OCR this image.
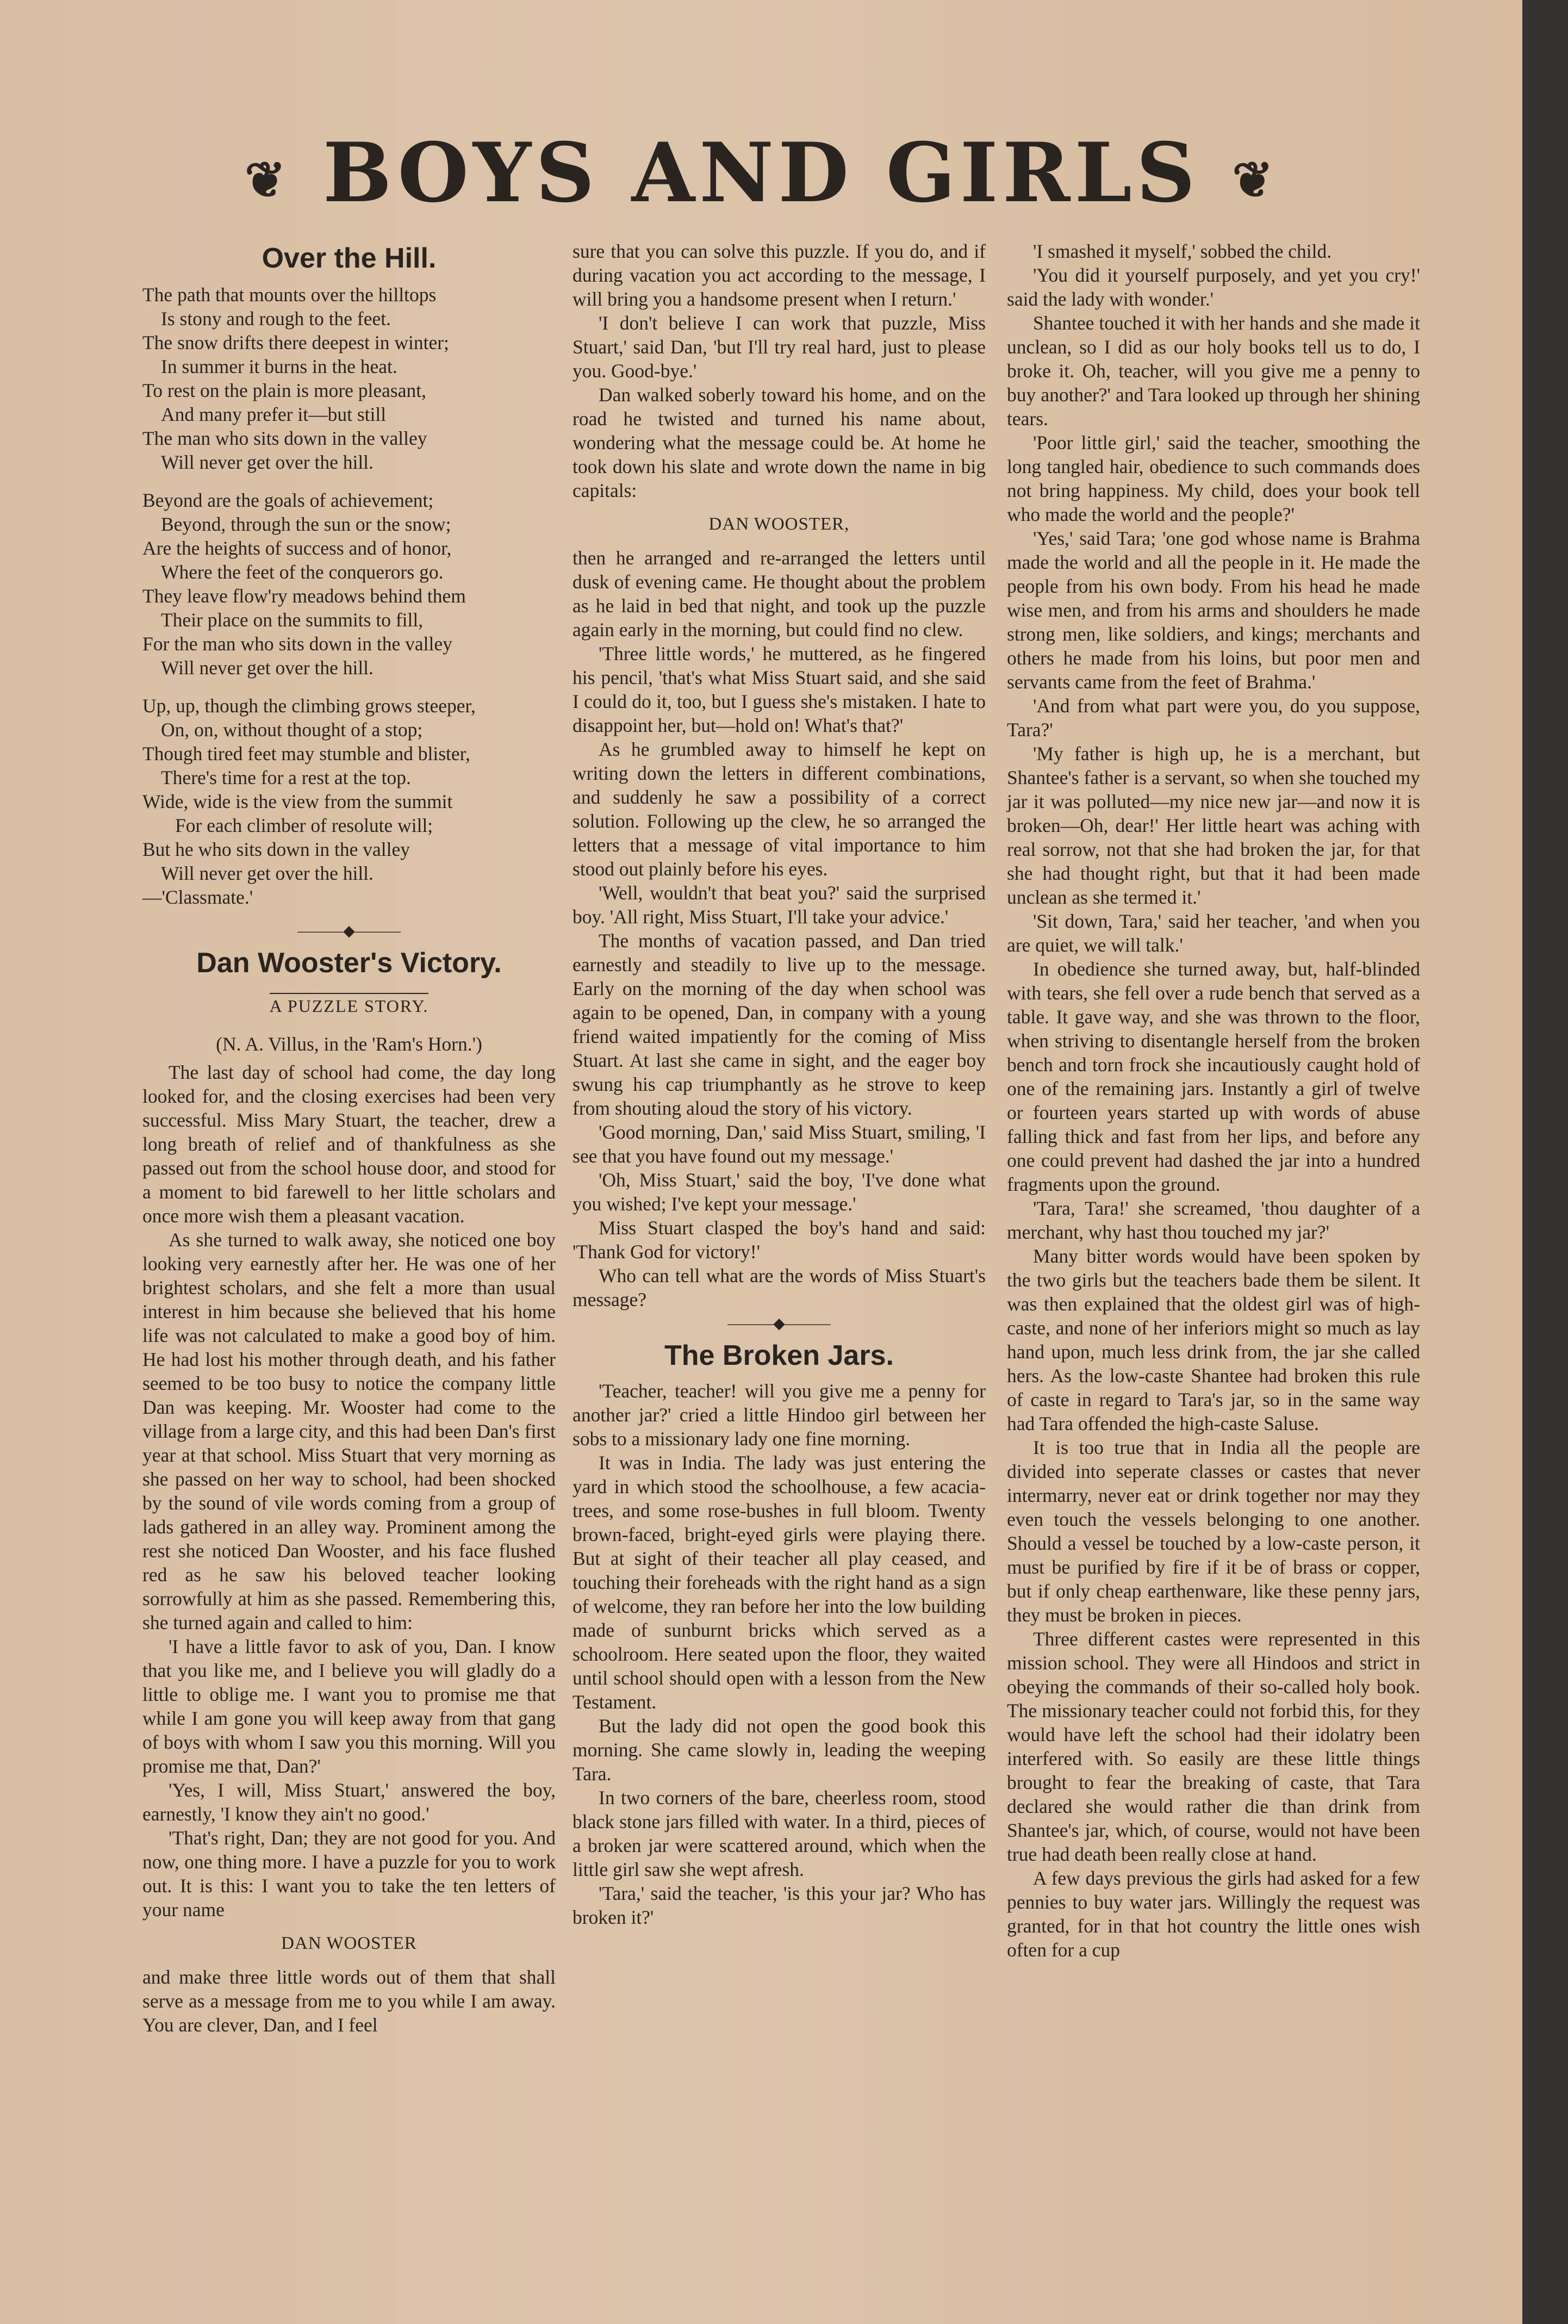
❦ BOYS AND GIRLS ❦
Over the Hill.
The path that mounts over the hilltops
Is stony and rough to the feet.
The snow drifts there deepest in winter;
In summer it burns in the heat.
To rest on the plain is more pleasant,
And many prefer it—but still
The man who sits down in the valley
Will never get over the hill.
Beyond are the goals of achievement;
Beyond, through the sun or the snow;
Are the heights of success and of honor,
Where the feet of the conquerors go.
They leave flow'ry meadows behind them
Their place on the summits to fill,
For the man who sits down in the valley
Will never get over the hill.
Up, up, though the climbing grows steeper,
On, on, without thought of a stop;
Though tired feet may stumble and blister,
There's time for a rest at the top.
Wide, wide is the view from the summit
For each climber of resolute will;
But he who sits down in the valley
Will never get over the hill.
—'Classmate.'
———◆———
Dan Wooster's Victory.
A PUZZLE STORY.

(N. A. Villus, in the 'Ram's Horn.')

The last day of school had come, the day long looked for, and the closing exercises had been very successful. Miss Mary Stuart, the teacher, drew a long breath of relief and of thankfulness as she passed out from the school house door, and stood for a moment to bid farewell to her little scholars and once more wish them a pleasant vacation.

As she turned to walk away, she noticed one boy looking very earnestly after her. He was one of her brightest scholars, and she felt a more than usual interest in him because she believed that his home life was not calculated to make a good boy of him. He had lost his mother through death, and his father seemed to be too busy to notice the company little Dan was keeping. Mr. Wooster had come to the village from a large city, and this had been Dan's first year at that school. Miss Stuart that very morning as she passed on her way to school, had been shocked by the sound of vile words coming from a group of lads gathered in an alley way. Prominent among the rest she noticed Dan Wooster, and his face flushed red as he saw his beloved teacher looking sorrowfully at him as she passed. Remembering this, she turned again and called to him:

'I have a little favor to ask of you, Dan. I know that you like me, and I believe you will gladly do a little to oblige me. I want you to promise me that while I am gone you will keep away from that gang of boys with whom I saw you this morning. Will you promise me that, Dan?'

'Yes, I will, Miss Stuart,' answered the boy, earnestly, 'I know they ain't no good.'

'That's right, Dan; they are not good for you. And now, one thing more. I have a puzzle for you to work out. It is this: I want you to take the ten letters of your name

DAN WOOSTER

and make three little words out of them that shall serve as a message from me to you while I am away. You are clever, Dan, and I feel

sure that you can solve this puzzle. If you do, and if during vacation you act according to the message, I will bring you a handsome present when I return.'

'I don't believe I can work that puzzle, Miss Stuart,' said Dan, 'but I'll try real hard, just to please you. Good-bye.'

Dan walked soberly toward his home, and on the road he twisted and turned his name about, wondering what the message could be. At home he took down his slate and wrote down the name in big capitals:

DAN WOOSTER,

then he arranged and re-arranged the letters until dusk of evening came. He thought about the problem as he laid in bed that night, and took up the puzzle again early in the morning, but could find no clew.

'Three little words,' he muttered, as he fingered his pencil, 'that's what Miss Stuart said, and she said I could do it, too, but I guess she's mistaken. I hate to disappoint her, but—hold on! What's that?'

As he grumbled away to himself he kept on writing down the letters in different combinations, and suddenly he saw a possibility of a correct solution. Following up the clew, he so arranged the letters that a message of vital importance to him stood out plainly before his eyes.

'Well, wouldn't that beat you?' said the surprised boy. 'All right, Miss Stuart, I'll take your advice.'

The months of vacation passed, and Dan tried earnestly and steadily to live up to the message. Early on the morning of the day when school was again to be opened, Dan, in company with a young friend waited impatiently for the coming of Miss Stuart. At last she came in sight, and the eager boy swung his cap triumphantly as he strove to keep from shouting aloud the story of his victory.

'Good morning, Dan,' said Miss Stuart, smiling, 'I see that you have found out my message.'

'Oh, Miss Stuart,' said the boy, 'I've done what you wished; I've kept your message.'

Miss Stuart clasped the boy's hand and said: 'Thank God for victory!'

Who can tell what are the words of Miss Stuart's message?

———◆———
The Broken Jars.

'Teacher, teacher! will you give me a penny for another jar?' cried a little Hindoo girl between her sobs to a missionary lady one fine morning.

It was in India. The lady was just entering the yard in which stood the schoolhouse, a few acacia-trees, and some rose-bushes in full bloom. Twenty brown-faced, bright-eyed girls were playing there. But at sight of their teacher all play ceased, and touching their foreheads with the right hand as a sign of welcome, they ran before her into the low building made of sunburnt bricks which served as a schoolroom. Here seated upon the floor, they waited until school should open with a lesson from the New Testament.

But the lady did not open the good book this morning. She came slowly in, leading the weeping Tara.

In two corners of the bare, cheerless room, stood black stone jars filled with water. In a third, pieces of a broken jar were scattered around, which when the little girl saw she wept afresh.

'Tara,' said the teacher, 'is this your jar? Who has broken it?'

'I smashed it myself,' sobbed the child.

'You did it yourself purposely, and yet you cry!' said the lady with wonder.'

Shantee touched it with her hands and she made it unclean, so I did as our holy books tell us to do, I broke it. Oh, teacher, will you give me a penny to buy another?' and Tara looked up through her shining tears.

'Poor little girl,' said the teacher, smoothing the long tangled hair, obedience to such commands does not bring happiness. My child, does your book tell who made the world and the people?'

'Yes,' said Tara; 'one god whose name is Brahma made the world and all the people in it. He made the people from his own body. From his head he made wise men, and from his arms and shoulders he made strong men, like soldiers, and kings; merchants and others he made from his loins, but poor men and servants came from the feet of Brahma.'

'And from what part were you, do you suppose, Tara?'

'My father is high up, he is a merchant, but Shantee's father is a servant, so when she touched my jar it was polluted—my nice new jar—and now it is broken—Oh, dear!' Her little heart was aching with real sorrow, not that she had broken the jar, for that she had thought right, but that it had been made unclean as she termed it.'

'Sit down, Tara,' said her teacher, 'and when you are quiet, we will talk.'

In obedience she turned away, but, half-blinded with tears, she fell over a rude bench that served as a table. It gave way, and she was thrown to the floor, when striving to disentangle herself from the broken bench and torn frock she incautiously caught hold of one of the remaining jars. Instantly a girl of twelve or fourteen years started up with words of abuse falling thick and fast from her lips, and before any one could prevent had dashed the jar into a hundred fragments upon the ground.

'Tara, Tara!' she screamed, 'thou daughter of a merchant, why hast thou touched my jar?'

Many bitter words would have been spoken by the two girls but the teachers bade them be silent. It was then explained that the oldest girl was of high-caste, and none of her inferiors might so much as lay hand upon, much less drink from, the jar she called hers. As the low-caste Shantee had broken this rule of caste in regard to Tara's jar, so in the same way had Tara offended the high-caste Saluse.

It is too true that in India all the people are divided into seperate classes or castes that never intermarry, never eat or drink together nor may they even touch the vessels belonging to one another. Should a vessel be touched by a low-caste person, it must be purified by fire if it be of brass or copper, but if only cheap earthenware, like these penny jars, they must be broken in pieces.

Three different castes were represented in this mission school. They were all Hindoos and strict in obeying the commands of their so-called holy book. The missionary teacher could not forbid this, for they would have left the school had their idolatry been interfered with. So easily are these little things brought to fear the breaking of caste, that Tara declared she would rather die than drink from Shantee's jar, which, of course, would not have been true had death been really close at hand.

A few days previous the girls had asked for a few pennies to buy water jars. Willingly the request was granted, for in that hot country the little ones wish often for a cup
